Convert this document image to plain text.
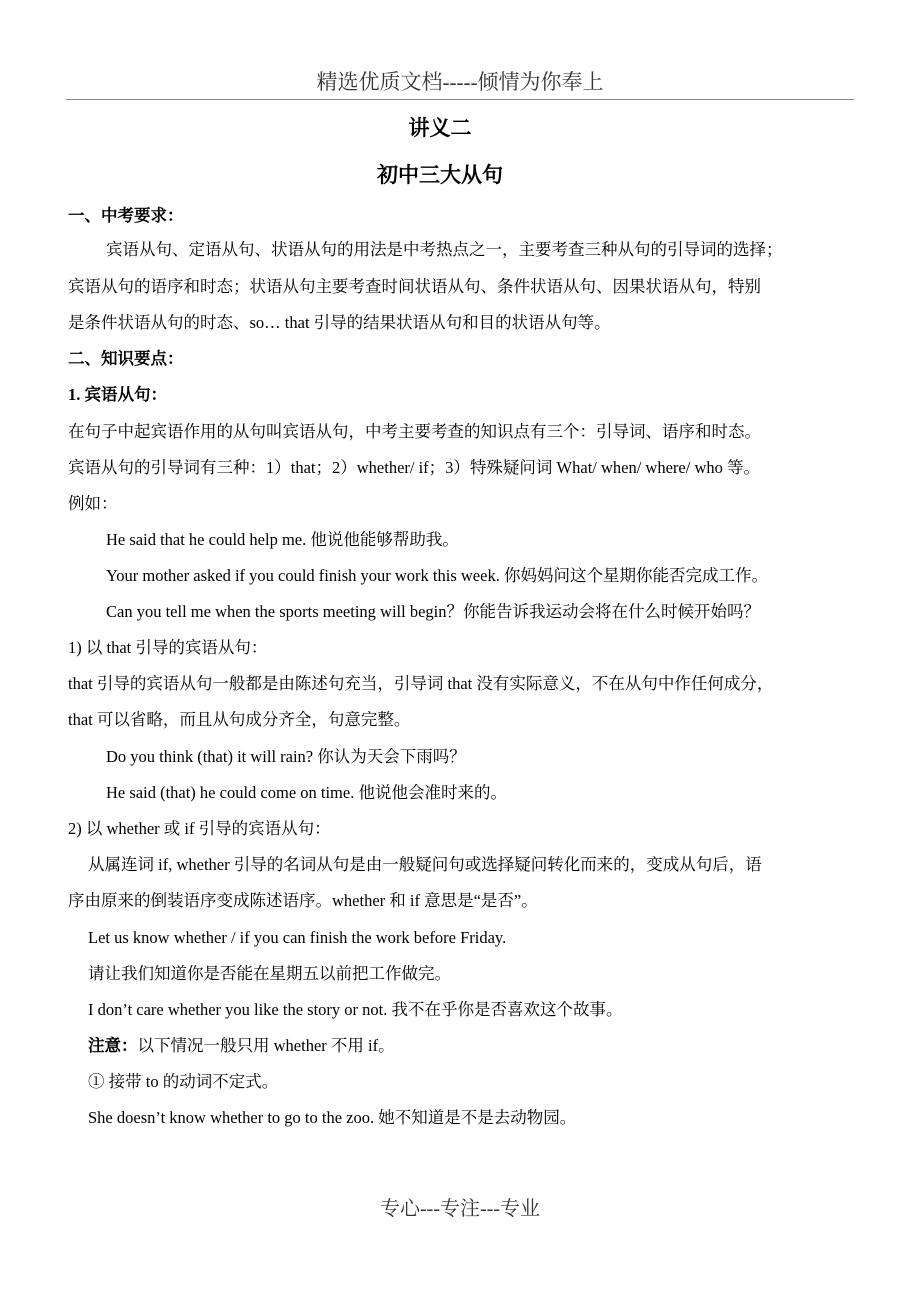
精选优质文档-----倾情为你奉上
讲义二
初中三大从句
一、中考要求：
宾语从句、定语从句、状语从句的用法是中考热点之一，主要考查三种从句的引导词的选择；
宾语从句的语序和时态；状语从句主要考查时间状语从句、条件状语从句、因果状语从句，特别
是条件状语从句的时态、so… that 引导的结果状语从句和目的状语从句等。
二、知识要点：
1. 宾语从句：
在句子中起宾语作用的从句叫宾语从句，中考主要考查的知识点有三个：引导词、语序和时态。
宾语从句的引导词有三种：1）that；2）whether/ if；3）特殊疑问词 What/ when/ where/ who 等。
例如：
He said that he could help me. 他说他能够帮助我。
Your mother asked if you could finish your work this week. 你妈妈问这个星期你能否完成工作。
Can you tell me when the sports meeting will begin？你能告诉我运动会将在什么时候开始吗？
1) 以 that 引导的宾语从句：
that 引导的宾语从句一般都是由陈述句充当，引导词 that 没有实际意义，不在从句中作任何成分，
that 可以省略，而且从句成分齐全，句意完整。
Do you think (that) it will rain? 你认为天会下雨吗？
He said (that) he could come on time. 他说他会准时来的。
2) 以 whether 或 if 引导的宾语从句：
从属连词 if, whether 引导的名词从句是由一般疑问句或选择疑问转化而来的，变成从句后，语
序由原来的倒装语序变成陈述语序。whether 和 if 意思是“是否”。
Let us know whether / if you can finish the work before Friday.
请让我们知道你是否能在星期五以前把工作做完。
I don’t care whether you like the story or not. 我不在乎你是否喜欢这个故事。
注意：以下情况一般只用 whether 不用 if。
① 接带 to 的动词不定式。
She doesn’t know whether to go to the zoo. 她不知道是不是去动物园。
专心---专注---专业
